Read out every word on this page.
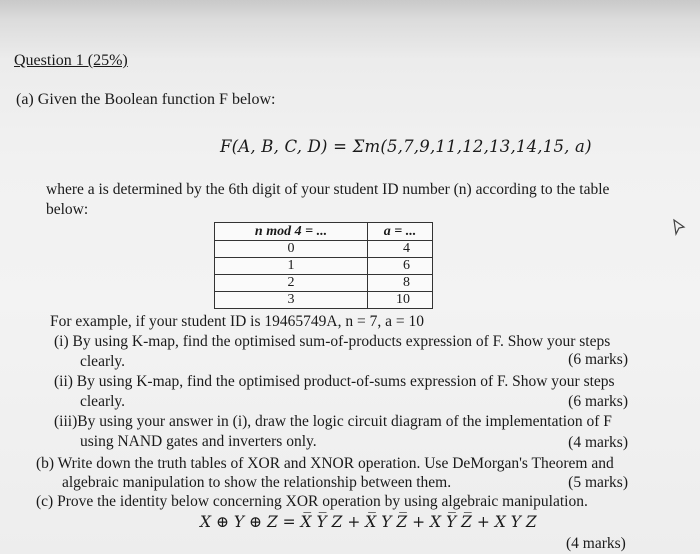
Question 1 (25%)
(a) Given the Boolean function F below:
F(A, B, C, D) = Σm(5,7,9,11,12,13,14,15, a)
where a is determined by the 6th digit of your student ID number (n) according to the table
below:
n mod 4 = ...	a = ...
0	4
1	6
2	8
3	10
For example, if your student ID is 19465749A, n = 7, a = 10
(i) By using K-map, find the optimised sum-of-products expression of F. Show your steps
clearly.	(6 marks)
(ii) By using K-map, find the optimised product-of-sums expression of F. Show your steps
clearly.	(6 marks)
(iii)By using your answer in (i), draw the logic circuit diagram of the implementation of F
using NAND gates and inverters only.	(4 marks)
(b) Write down the truth tables of XOR and XNOR operation. Use DeMorgan's Theorem and
algebraic manipulation to show the relationship between them.	(5 marks)
(c) Prove the identity below concerning XOR operation by using algebraic manipulation.
X ⊕ Y ⊕ Z = X̅ Y̅ Z + X̅ Y Z̅ + X Y̅ Z̅ + X Y Z
(4 marks)
